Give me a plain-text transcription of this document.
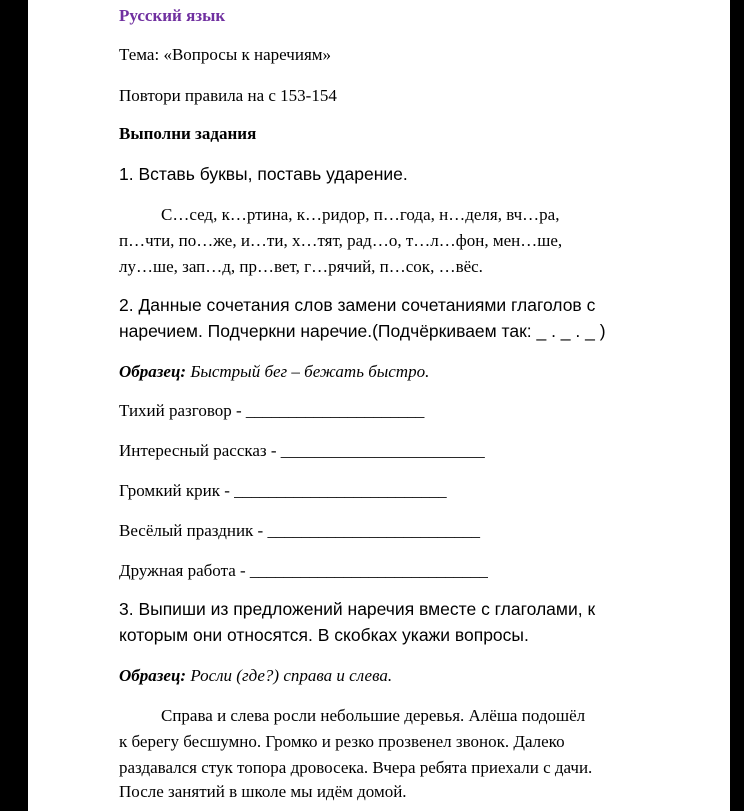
Русский язык
Тема: «Вопросы к наречиям»
Повтори правила на с 153-154
Выполни задания
1. Вставь буквы, поставь ударение.
С…сед, к…ртина, к…ридор, п…года, н…деля, вч…ра,
п…чти, по…же, и…ти, х…тят, рад…о, т…л…фон, мен…ше,
лу…ше, зап…д, пр…вет, г…рячий, п…сок, …вёс.
2. Данные сочетания слов замени сочетаниями глаголов с
наречием. Подчеркни наречие.(Подчёркиваем так: _ . _ . _ )
Образец: Быстрый бег – бежать быстро.
Тихий разговор - _____________________
Интересный рассказ - ________________________
Громкий крик - _________________________
Весёлый праздник - _________________________
Дружная работа - ____________________________
3. Выпиши из предложений наречия вместе с глаголами, к
которым они относятся. В скобках укажи вопросы.
Образец: Росли (где?) справа и слева.
Справа и слева росли небольшие деревья. Алёша подошёл
к берегу бесшумно. Громко и резко прозвенел звонок. Далеко
раздавался стук топора дровосека. Вчера ребята приехали с дачи.
После занятий в школе мы идём домой.
